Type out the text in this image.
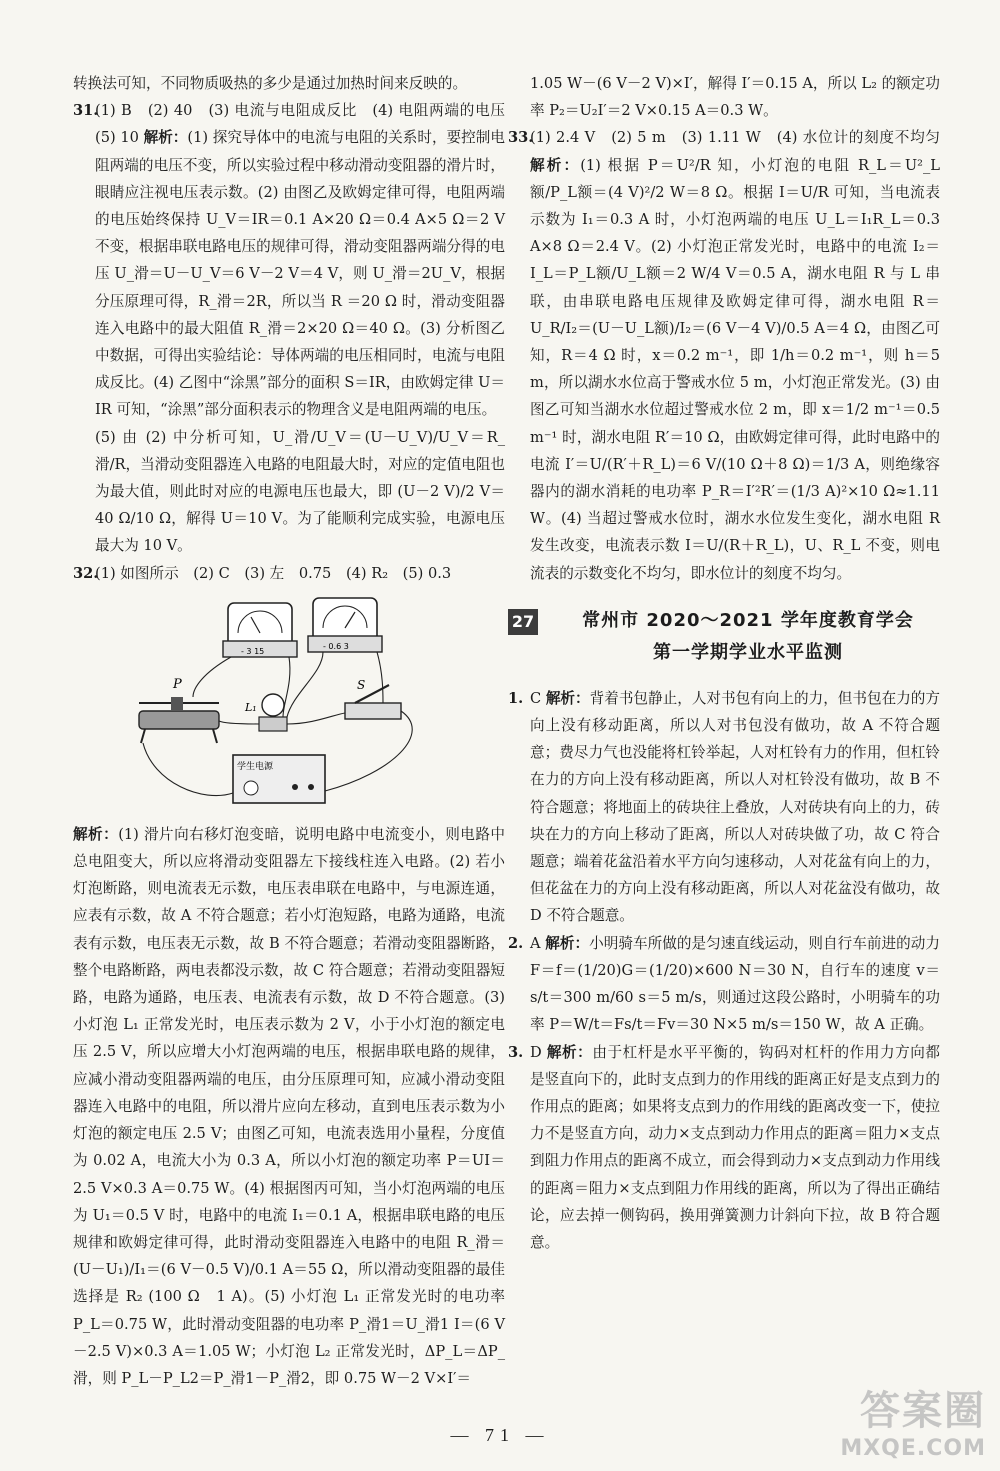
转换法可知，不同物质吸热的多少是通过加热时间来反映的。

31.(1) B　(2) 40　(3) 电流与电阻成反比　(4) 电阻两端的电压　(5) 10 解析：(1) 探究导体中的电流与电阻的关系时，要控制电阻两端的电压不变，所以实验过程中移动滑动变阻器的滑片时，眼睛应注视电压表示数。(2) 由图乙及欧姆定律可得，电阻两端的电压始终保持 U_V＝IR＝0.1 A×20 Ω＝0.4 A×5 Ω＝2 V 不变，根据串联电路电压的规律可得，滑动变阻器两端分得的电压 U_滑＝U－U_V＝6 V－2 V＝4 V，则 U_滑＝2U_V，根据分压原理可得，R_滑＝2R，所以当 R ＝20 Ω 时，滑动变阻器连入电路中的最大阻值 R_滑＝2×20 Ω＝40 Ω。(3) 分析图乙中数据，可得出实验结论：导体两端的电压相同时，电流与电阻成反比。(4) 乙图中“涂黑”部分的面积 S＝IR，由欧姆定律 U＝IR 可知，“涂黑”部分面积表示的物理含义是电阻两端的电压。

(5) 由 (2) 中分析可知，U_滑/U_V＝(U－U_V)/U_V＝R_滑/R，当滑动变阻器连入电路的电阻最大时，对应的定值电阻也为最大值，则此时对应的电源电压也最大，即 (U－2 V)/2 V＝40 Ω/10 Ω，解得 U＝10 V。为了能顺利完成实验，电源电压最大为 10 V。

32.(1) 如图所示　(2) C　(3) 左　0.75　(4) R₂　(5) 0.3

- 3 15
- 0.6 3
P
L₁
S
学生电源

解析：(1) 滑片向右移灯泡变暗，说明电路中电流变小，则电路中总电阻变大，所以应将滑动变阻器左下接线柱连入电路。(2) 若小灯泡断路，则电流表无示数，电压表串联在电路中，与电源连通，应表有示数，故 A 不符合题意；若小灯泡短路，电路为通路，电流表有示数，电压表无示数，故 B 不符合题意；若滑动变阻器断路，整个电路断路，两电表都没示数，故 C 符合题意；若滑动变阻器短路，电路为通路，电压表、电流表有示数，故 D 不符合题意。(3) 小灯泡 L₁ 正常发光时，电压表示数为 2 V，小于小灯泡的额定电压 2.5 V，所以应增大小灯泡两端的电压，根据串联电路的规律，应减小滑动变阻器两端的电压，由分压原理可知，应减小滑动变阻器连入电路中的电阻，所以滑片应向左移动，直到电压表示数为小灯泡的额定电压 2.5 V；由图乙可知，电流表选用小量程，分度值为 0.02 A，电流大小为 0.3 A，所以小灯泡的额定功率 P＝UI＝2.5 V×0.3 A＝0.75 W。(4) 根据图丙可知，当小灯泡两端的电压为 U₁＝0.5 V 时，电路中的电流 I₁＝0.1 A，根据串联电路的电压规律和欧姆定律可得，此时滑动变阻器连入电路中的电阻 R_滑＝(U－U₁)/I₁＝(6 V－0.5 V)/0.1 A＝55 Ω，所以滑动变阻器的最佳选择是 R₂ (100 Ω　1 A)。(5) 小灯泡 L₁ 正常发光时的电功率 P_L＝0.75 W，此时滑动变阻器的电功率 P_滑1＝U_滑1 I＝(6 V－2.5 V)×0.3 A＝1.05 W；小灯泡 L₂ 正常发光时，ΔP_L＝ΔP_滑，则 P_L－P_L2＝P_滑1－P_滑2，即 0.75 W－2 V×I′＝

1.05 W－(6 V－2 V)×I′，解得 I′＝0.15 A，所以 L₂ 的额定功率 P₂＝U₂I′＝2 V×0.15 A＝0.3 W。

33.(1) 2.4 V　(2) 5 m　(3) 1.11 W　(4) 水位计的刻度不均匀 解析：(1) 根据 P＝U²/R 知，小灯泡的电阻 R_L＝U²_L额/P_L额＝(4 V)²/2 W＝8 Ω。根据 I＝U/R 可知，当电流表示数为 I₁＝0.3 A 时，小灯泡两端的电压 U_L＝I₁R_L＝0.3 A×8 Ω＝2.4 V。(2) 小灯泡正常发光时，电路中的电流 I₂＝I_L＝P_L额/U_L额＝2 W/4 V＝0.5 A，湖水电阻 R 与 L 串联，由串联电路电压规律及欧姆定律可得，湖水电阻 R＝U_R/I₂＝(U－U_L额)/I₂＝(6 V－4 V)/0.5 A＝4 Ω，由图乙可知，R＝4 Ω 时，x＝0.2 m⁻¹，即 1/h＝0.2 m⁻¹，则 h＝5 m，所以湖水水位高于警戒水位 5 m，小灯泡正常发光。(3) 由图乙可知当湖水水位超过警戒水位 2 m，即 x＝1/2 m⁻¹＝0.5 m⁻¹ 时，湖水电阻 R′＝10 Ω，由欧姆定律可得，此时电路中的电流 I′＝U/(R′＋R_L)＝6 V/(10 Ω＋8 Ω)＝1/3 A，则绝缘容器内的湖水消耗的电功率 P_R＝I′²R′＝(1/3 A)²×10 Ω≈1.11 W。(4) 当超过警戒水位时，湖水水位发生变化，湖水电阻 R 发生改变，电流表示数 I＝U/(R＋R_L)，U、R_L 不变，则电流表的示数变化不均匀，即水位计的刻度不均匀。

27	常州市 2020～2021 学年度教育学会
第一学期学业水平监测

1. C 解析：背着书包静止，人对书包有向上的力，但书包在力的方向上没有移动距离，所以人对书包没有做功，故 A 不符合题意；费尽力气也没能将杠铃举起，人对杠铃有力的作用，但杠铃在力的方向上没有移动距离，所以人对杠铃没有做功，故 B 不符合题意；将地面上的砖块往上叠放，人对砖块有向上的力，砖块在力的方向上移动了距离，所以人对砖块做了功，故 C 符合题意；端着花盆沿着水平方向匀速移动，人对花盆有向上的力，但花盆在力的方向上没有移动距离，所以人对花盆没有做功，故 D 不符合题意。

2. A 解析：小明骑车所做的是匀速直线运动，则自行车前进的动力 F＝f＝(1/20)G＝(1/20)×600 N＝30 N，自行车的速度 v＝s/t＝300 m/60 s＝5 m/s，则通过这段公路时，小明骑车的功率 P＝W/t＝Fs/t＝Fv＝30 N×5 m/s＝150 W，故 A 正确。

3. D 解析：由于杠杆是水平平衡的，钩码对杠杆的作用力方向都是竖直向下的，此时支点到力的作用线的距离正好是支点到力的作用点的距离；如果将支点到力的作用线的距离改变一下，使拉力不是竖直方向，动力×支点到动力作用点的距离＝阻力×支点到阻力作用点的距离不成立，而会得到动力×支点到动力作用线的距离＝阻力×支点到阻力作用线的距离，所以为了得出正确结论，应去掉一侧钩码，换用弹簧测力计斜向下拉，故 B 符合题意。

— 71 —
答案圈
MXQE.COM
